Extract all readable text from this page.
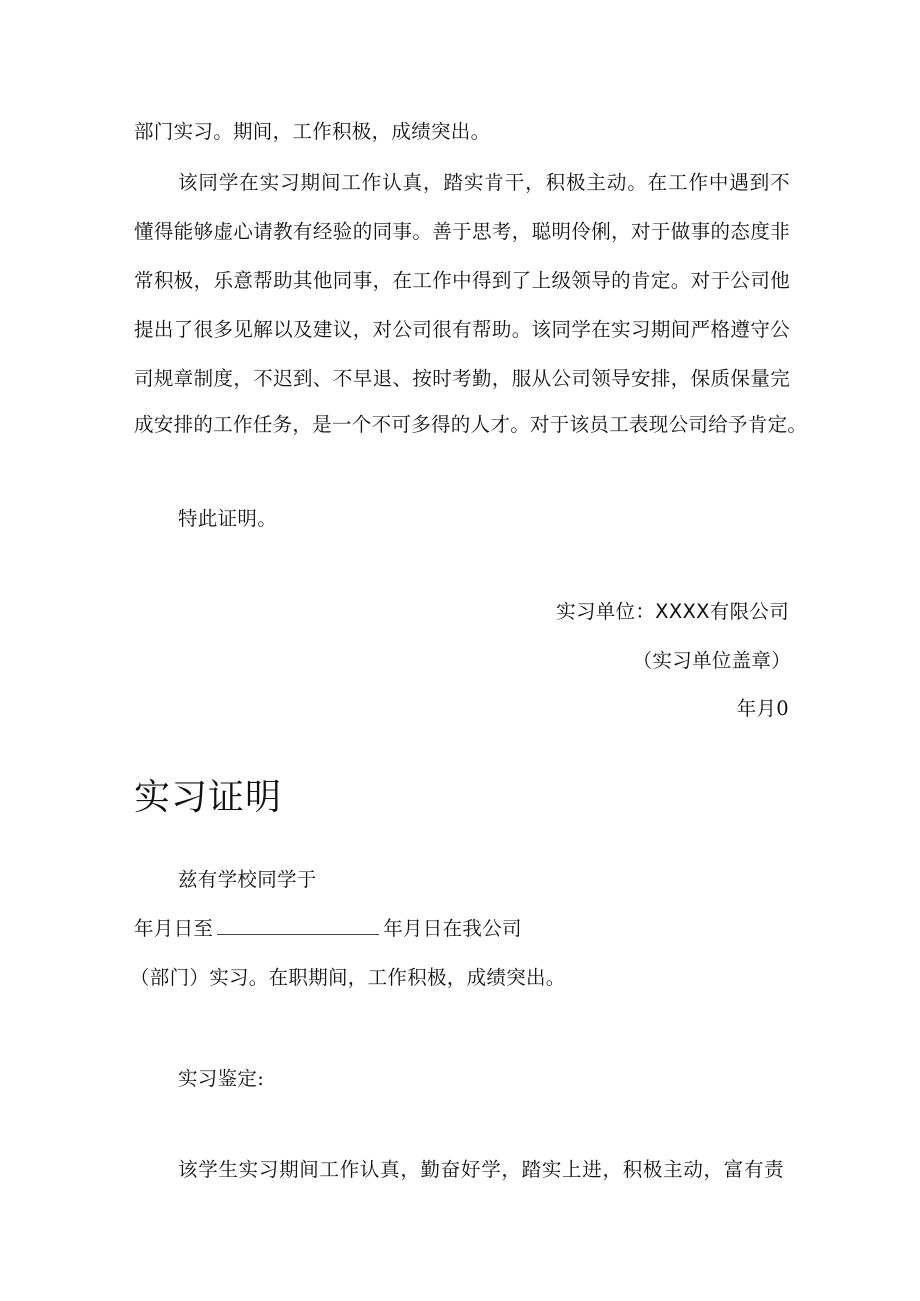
部门实习。期间，工作积极，成绩突出。
该同学在实习期间工作认真，踏实肯干，积极主动。在工作中遇到不
懂得能够虚心请教有经验的同事。善于思考，聪明伶俐，对于做事的态度非
常积极，乐意帮助其他同事，在工作中得到了上级领导的肯定。对于公司他
提出了很多见解以及建议，对公司很有帮助。该同学在实习期间严格遵守公
司规章制度，不迟到、不早退、按时考勤，服从公司领导安排，保质保量完
成安排的工作任务，是一个不可多得的人才。对于该员工表现公司给予肯定。
特此证明。
实习单位：XXXX有限公司
（实习单位盖章）
年月0
实习证明
兹有学校同学于
年月日至	年月日在我公司
（部门）实习。在职期间，工作积极，成绩突出。
实习鉴定:
该学生实习期间工作认真，勤奋好学，踏实上进，积极主动，富有责
